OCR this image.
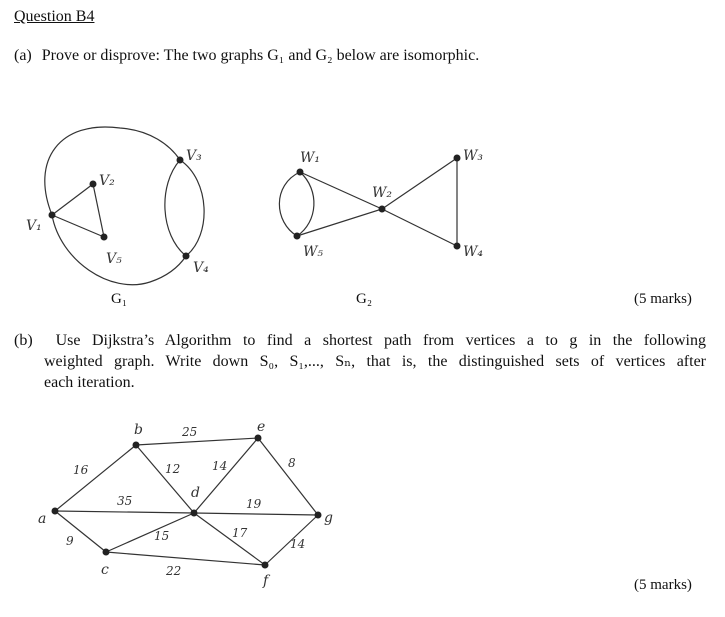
Question B4
(a) Prove or disprove: The two graphs G₁ and G₂ below are isomorphic.
V₁
V₂
V₃
V₄
V₅
W₁
W₂
W₃
W₄
W₅
a
b
c
d
e
f
g
16
9
35
25
12
15
22
14
19
17
8
14
G₁	G₂	(5 marks)
(b) Use Dijkstra’s Algorithm to find a shortest path from vertices a to g in the following
weighted graph. Write down S₀, S₁,..., Sₙ, that is, the distinguished sets of vertices after
each iteration.
(5 marks)
